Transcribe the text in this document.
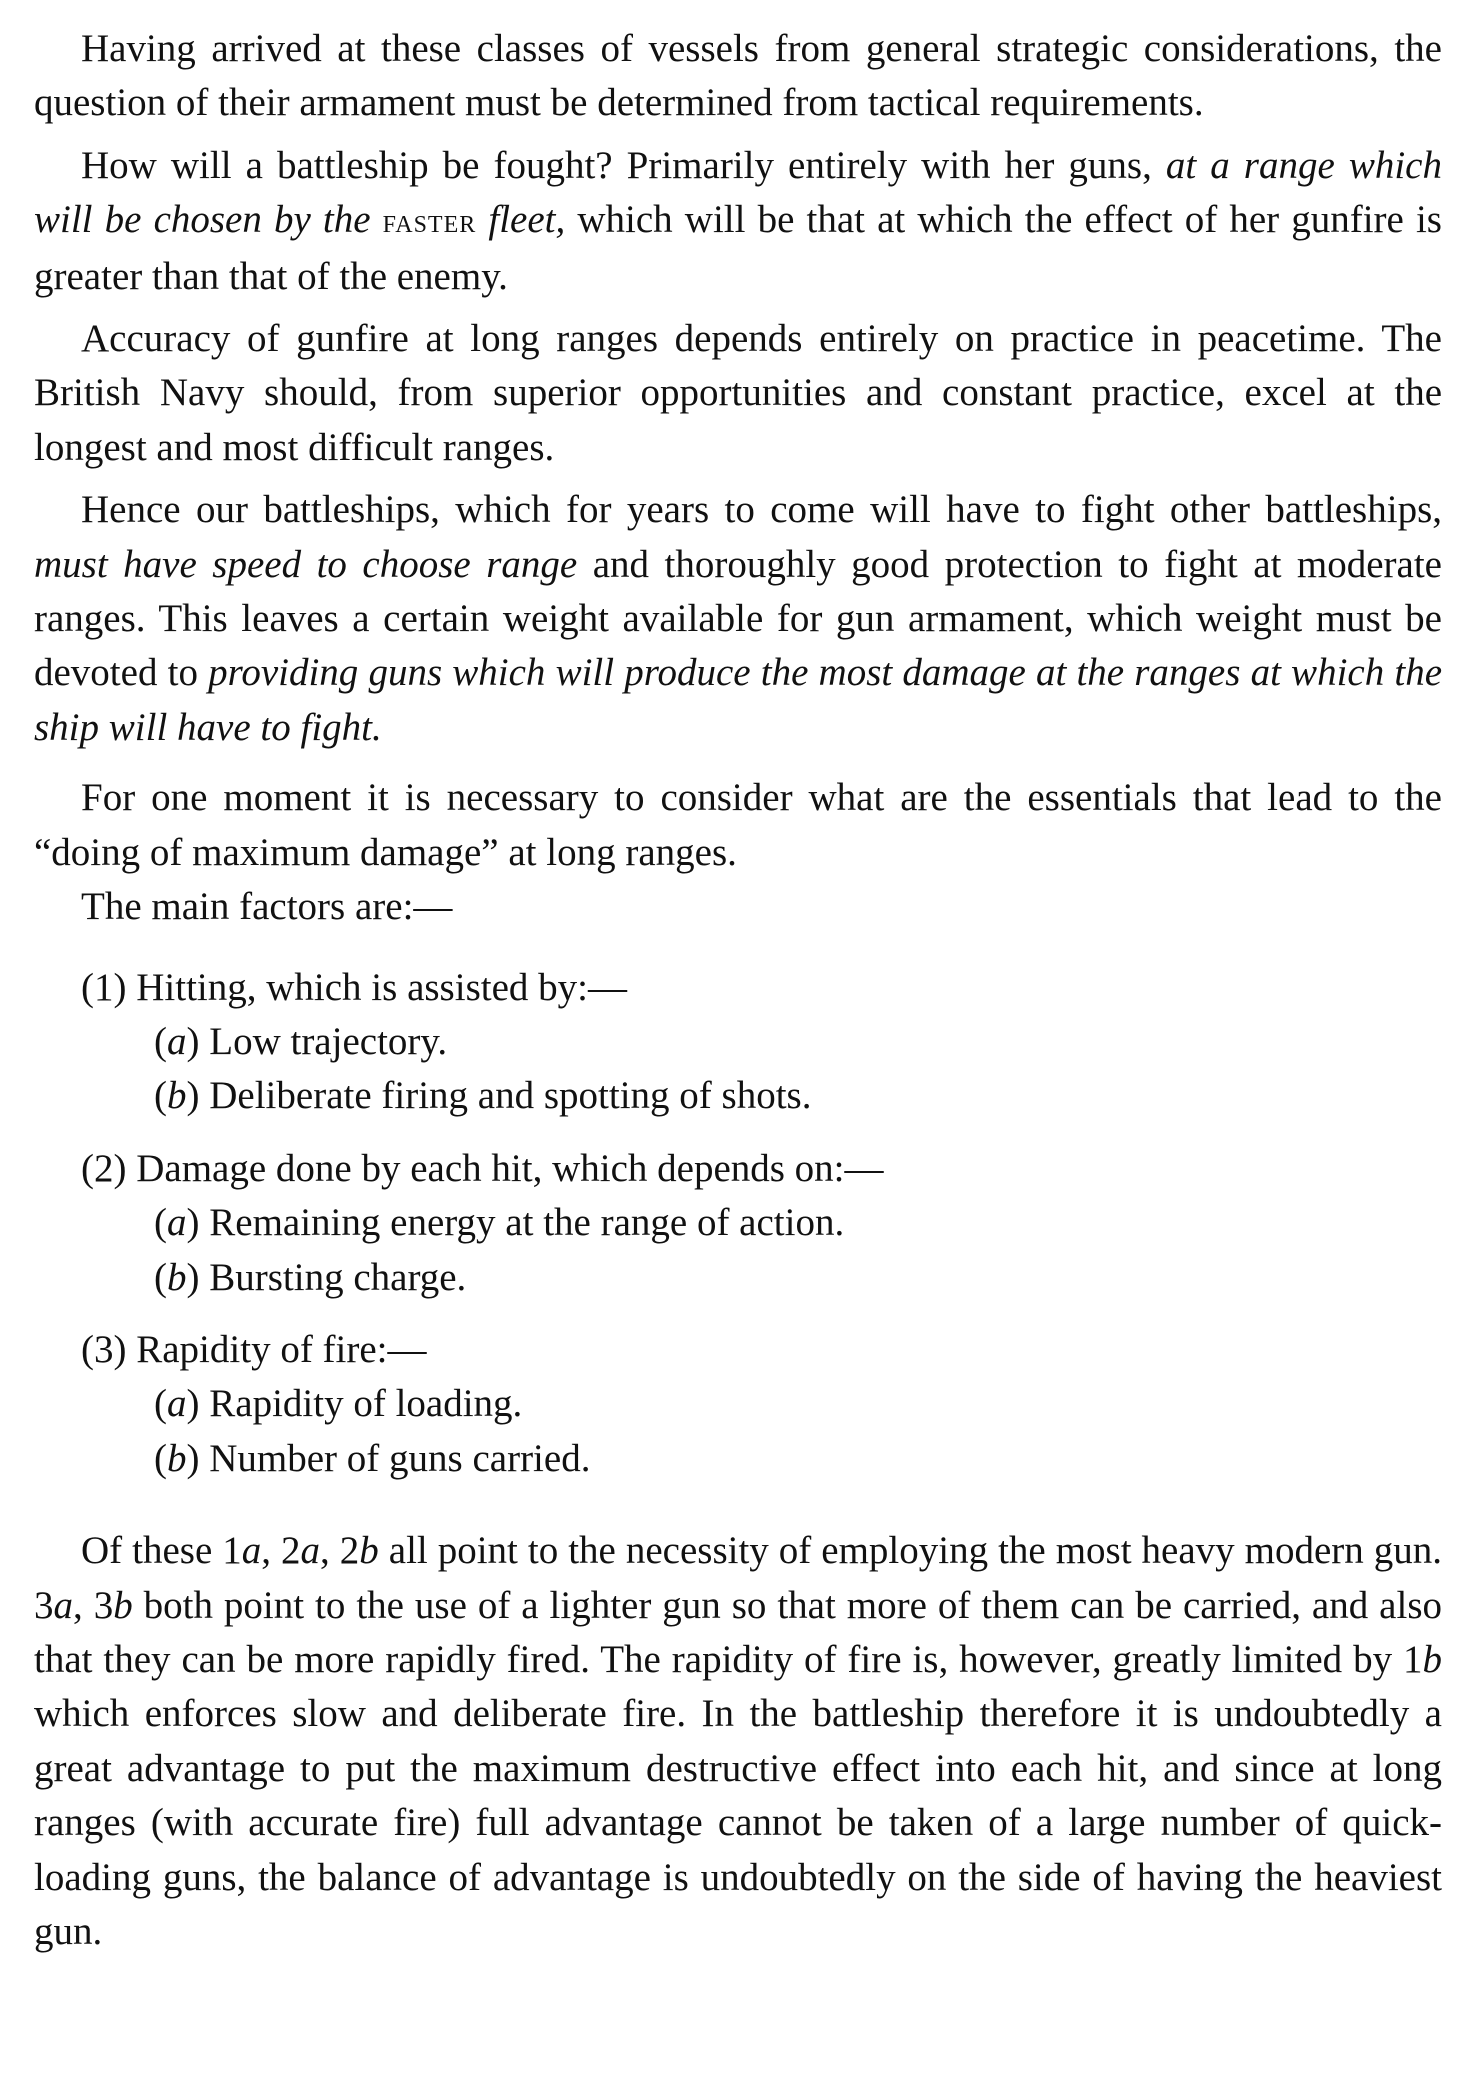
Having arrived at these classes of vessels from general strategic considerations, the question of their armament must be determined from tactical requirements.

How will a battleship be fought? Primarily entirely with her guns, at a range which will be chosen by the faster fleet, which will be that at which the effect of her gunfire is greater than that of the enemy.

Accuracy of gunfire at long ranges depends entirely on practice in peacetime. The British Navy should, from superior opportunities and constant practice, excel at the longest and most difficult ranges.

Hence our battleships, which for years to come will have to fight other battleships, must have speed to choose range and thoroughly good protection to fight at moderate ranges. This leaves a certain weight available for gun armament, which weight must be devoted to providing guns which will produce the most damage at the ranges at which the ship will have to fight.

For one moment it is necessary to consider what are the essentials that lead to the “doing of maximum damage” at long ranges.

The main factors are:—

(1) Hitting, which is assisted by:—
(a) Low trajectory.
(b) Deliberate firing and spotting of shots.
(2) Damage done by each hit, which depends on:—
(a) Remaining energy at the range of action.
(b) Bursting charge.
(3) Rapidity of fire:—
(a) Rapidity of loading.
(b) Number of guns carried.

Of these 1a, 2a, 2b all point to the necessity of employing the most heavy modern gun. 3a, 3b both point to the use of a lighter gun so that more of them can be carried, and also that they can be more rapidly fired. The rapidity of fire is, however, greatly limited by 1b which enforces slow and deliberate fire. In the battleship therefore it is undoubtedly a great advantage to put the maximum destructive effect into each hit, and since at long ranges (with accurate fire) full advantage cannot be taken of a large number of quick-loading guns, the balance of advantage is undoubtedly on the side of having the heaviest gun.
